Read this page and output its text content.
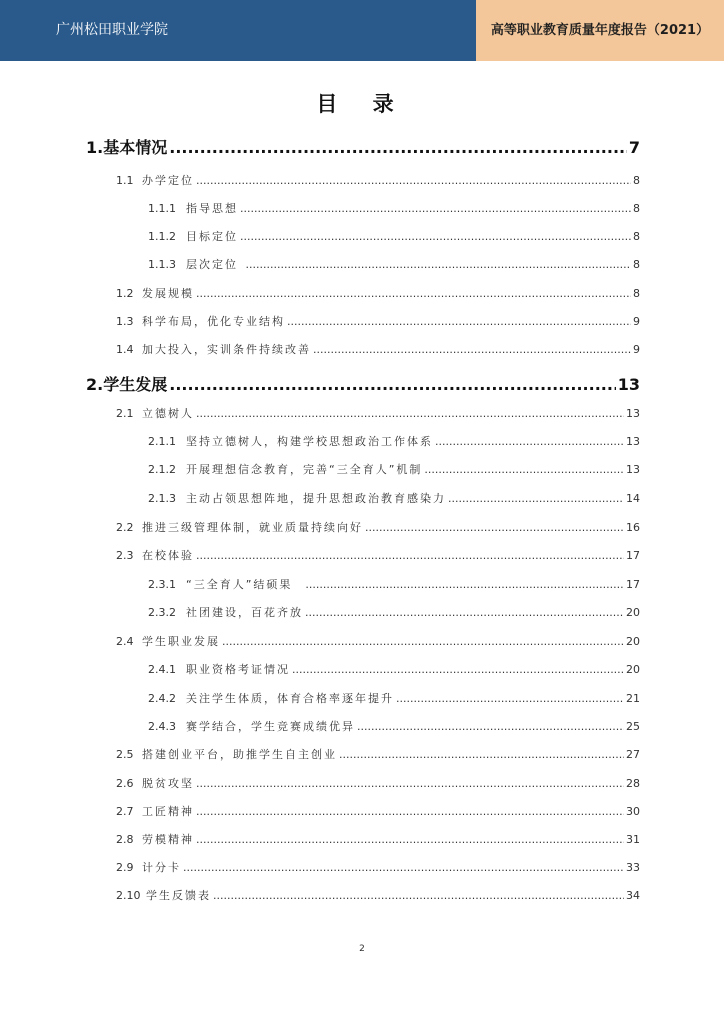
广州松田职业学院	高等职业教育质量年度报告（2021）
目 录
1. 基本情况 .....	7
1.1 办学定位 .....	8
1.1.1 指导思想 .....	8
1.1.2 目标定位 .....	8
1.1.3 层次定位 .....	8
1.2 发展规模 .....	8
1.3 科学布局，优化专业结构 .....	9
1.4 加大投入，实训条件持续改善 .....	9
2. 学生发展 .....	13
2.1 立德树人 .....	13
2.1.1 坚持立德树人，构建学校思想政治工作体系 .....	13
2.1.2 开展理想信念教育，完善“三全育人”机制 .....	13
2.1.3 主动占领思想阵地，提升思想政治教育感染力 .....	14
2.2 推进三级管理体制，就业质量持续向好 .....	16
2.3 在校体验 .....	17
2.3.1 “三全育人”结硕果 .....	17
2.3.2 社团建设，百花齐放 .....	20
2.4 学生职业发展 .....	20
2.4.1 职业资格考证情况 .....	20
2.4.2 关注学生体质，体育合格率逐年提升 .....	21
2.4.3 赛学结合，学生竞赛成绩优异 .....	25
2.5 搭建创业平台，助推学生自主创业 .....	27
2.6 脱贫攻坚 .....	28
2.7 工匠精神 .....	30
2.8 劳模精神 .....	31
2.9 计分卡 .....	33
2.10 学生反馈表 .....	34
2
